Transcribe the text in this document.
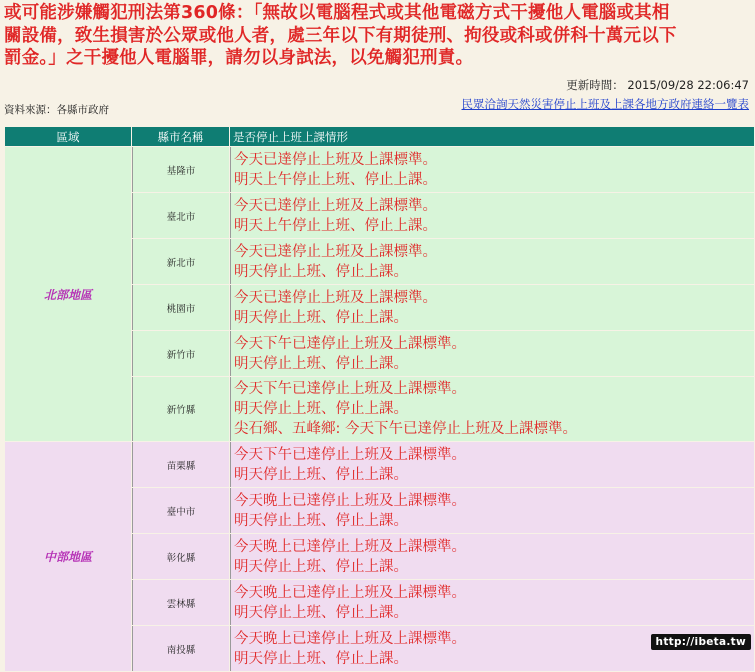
或可能涉嫌觸犯刑法第360條：「無故以電腦程式或其他電磁方式干擾他人電腦或其相
關設備，致生損害於公眾或他人者，處三年以下有期徒刑、拘役或科或併科十萬元以下
罰金。」之干擾他人電腦罪，請勿以身試法，以免觸犯刑責。
更新時間： 2015/09/28 22:06:47
資料來源：各縣市政府	民眾洽詢天然災害停止上班及上課各地方政府連絡一覽表
區域	縣市名稱	是否停止上班上課情形
北部地區	基隆市	今天已達停止上班及上課標準。
明天上午停止上班、停止上課。

	臺北市	今天已達停止上班及上課標準。
明天上午停止上班、停止上課。

	新北市	今天已達停止上班及上課標準。
明天停止上班、停止上課。

	桃園市	今天已達停止上班及上課標準。
明天停止上班、停止上課。

	新竹市	今天下午已達停止上班及上課標準。
明天停止上班、停止上課。

	新竹縣	今天下午已達停止上班及上課標準。
明天停止上班、停止上課。
尖石鄉、五峰鄉: 今天下午已達停止上班及上課標準。

中部地區	苗栗縣	今天下午已達停止上班及上課標準。
明天停止上班、停止上課。

	臺中市	今天晚上已達停止上班及上課標準。
明天停止上班、停止上課。

	彰化縣	今天晚上已達停止上班及上課標準。
明天停止上班、停止上課。

	雲林縣	今天晚上已達停止上班及上課標準。
明天停止上班、停止上課。

	南投縣	今天晚上已達停止上班及上課標準。
明天停止上班、停止上課。
http://ibeta.tw
